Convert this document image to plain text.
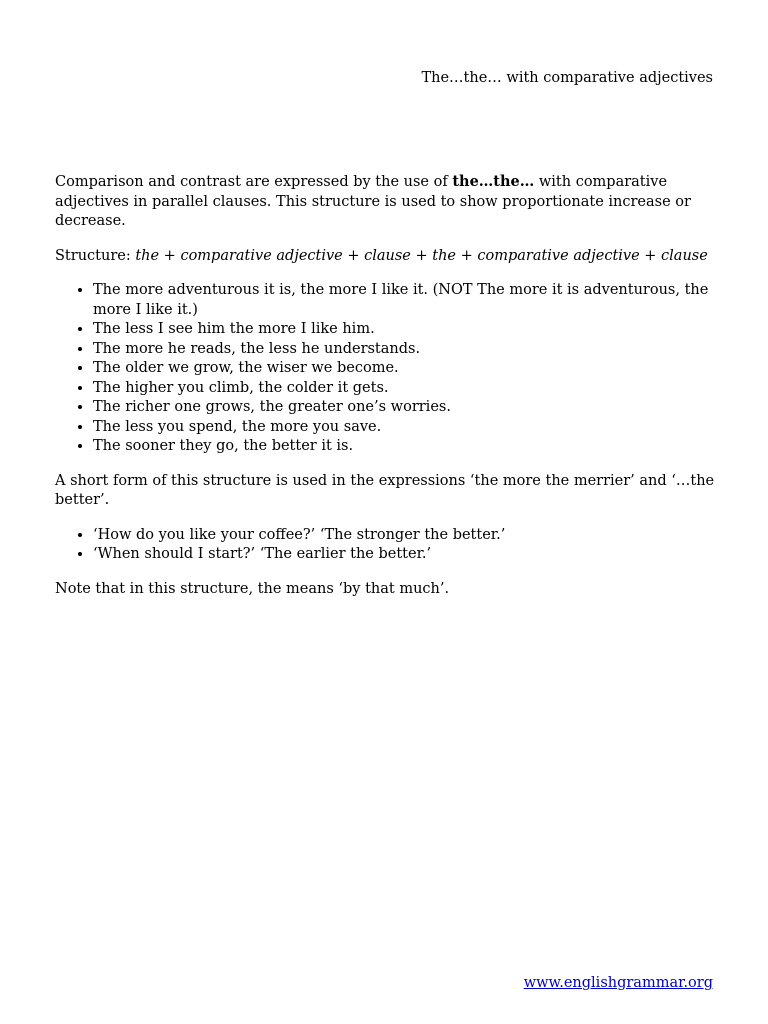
The…the… with comparative adjectives

Comparison and contrast are expressed by the use of the…the… with comparative adjectives in parallel clauses. This structure is used to show proportionate increase or decrease.

Structure: the + comparative adjective + clause + the + comparative adjective + clause

• The more adventurous it is, the more I like it. (NOT The more it is adventurous, the more I like it.)
• The less I see him the more I like him.
• The more he reads, the less he understands.
• The older we grow, the wiser we become.
• The higher you climb, the colder it gets.
• The richer one grows, the greater one’s worries.
• The less you spend, the more you save.
• The sooner they go, the better it is.

A short form of this structure is used in the expressions ‘the more the merrier’ and ‘…the better’.

• ‘How do you like your coffee?’ ‘The stronger the better.’
• ‘When should I start?’ ‘The earlier the better.’

Note that in this structure, the means ‘by that much’.

www.englishgrammar.org
